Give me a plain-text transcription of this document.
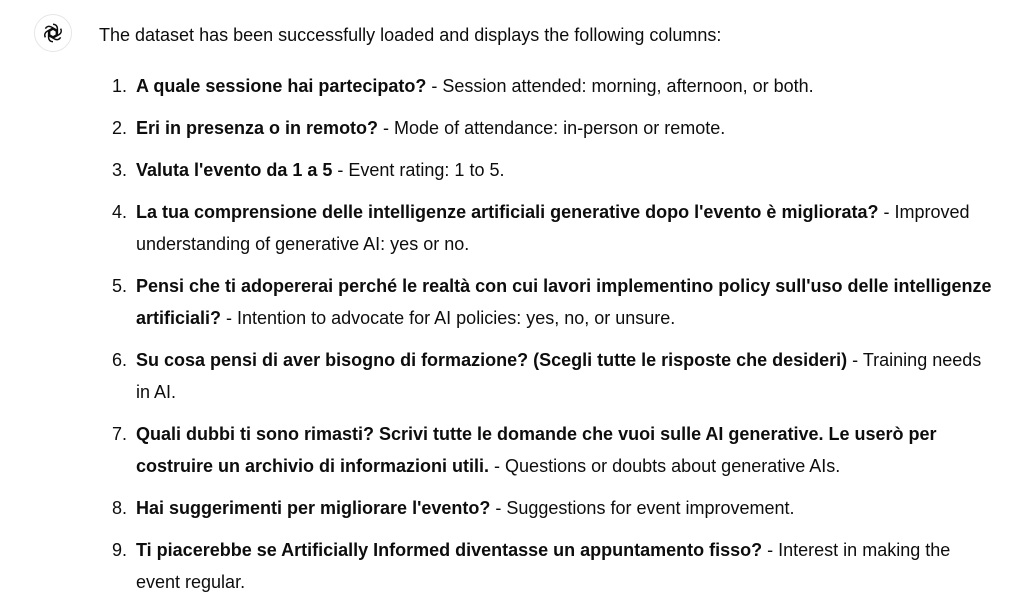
The dataset has been successfully loaded and displays the following columns:

1. A quale sessione hai partecipato? - Session attended: morning, afternoon, or both.
2. Eri in presenza o in remoto? - Mode of attendance: in-person or remote.
3. Valuta l'evento da 1 a 5 - Event rating: 1 to 5.
4. La tua comprensione delle intelligenze artificiali generative dopo l'evento è migliorata? - Improved understanding of generative AI: yes or no.
5. Pensi che ti adopererai perché le realtà con cui lavori implementino policy sull'uso delle intelligenze artificiali? - Intention to advocate for AI policies: yes, no, or unsure.
6. Su cosa pensi di aver bisogno di formazione? (Scegli tutte le risposte che desideri) - Training needs in AI.
7. Quali dubbi ti sono rimasti? Scrivi tutte le domande che vuoi sulle AI generative. Le userò per costruire un archivio di informazioni utili. - Questions or doubts about generative AIs.
8. Hai suggerimenti per migliorare l'evento? - Suggestions for event improvement.
9. Ti piacerebbe se Artificially Informed diventasse un appuntamento fisso? - Interest in making the event regular.
